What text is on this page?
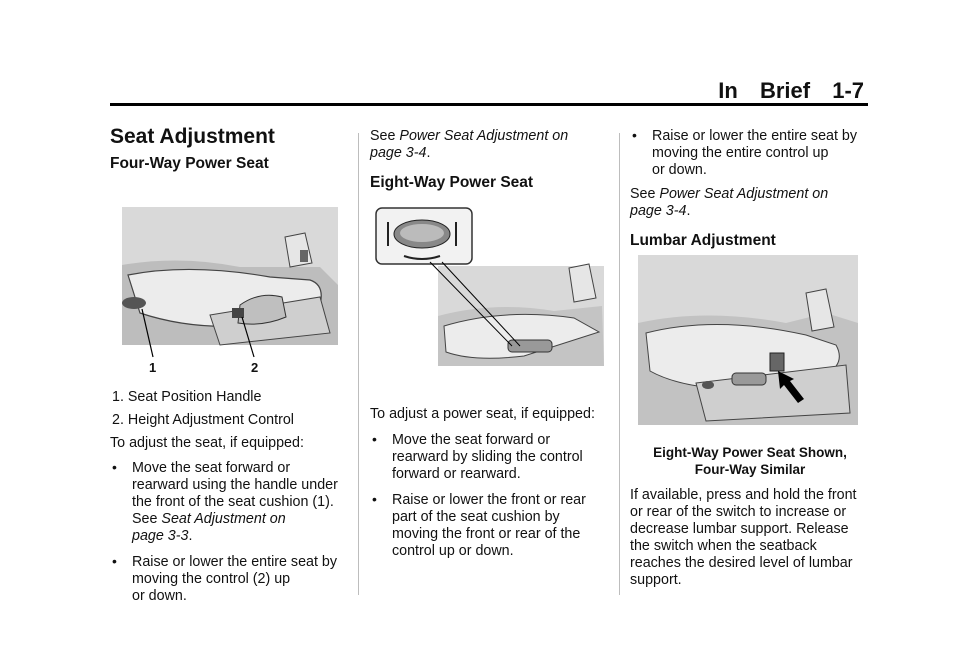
In Brief 1-7
Seat Adjustment
Four-Way Power Seat
1	2

1. Seat Position Handle

2. Height Adjustment Control

To adjust the seat, if equipped:

• Move the seat forward or
rearward using the handle under
the front of the seat cushion (1).
See Seat Adjustment on
page 3-3.
• Raise or lower the entire seat by
moving the control (2) up
or down.

See Power Seat Adjustment on

page 3-4.

Eight-Way Power Seat

To adjust a power seat, if equipped:

• Move the seat forward or
rearward by sliding the control
forward or rearward.
• Raise or lower the front or rear
part of the seat cushion by
moving the front or rear of the
control up or down.
• Raise or lower the entire seat by
moving the entire control up
or down.

See Power Seat Adjustment on

page 3-4.

Lumbar Adjustment
Eight-Way Power Seat Shown,
Four-Way Similar
If available, press and hold the front
or rear of the switch to increase or
decrease lumbar support. Release
the switch when the seatback
reaches the desired level of lumbar
support.
